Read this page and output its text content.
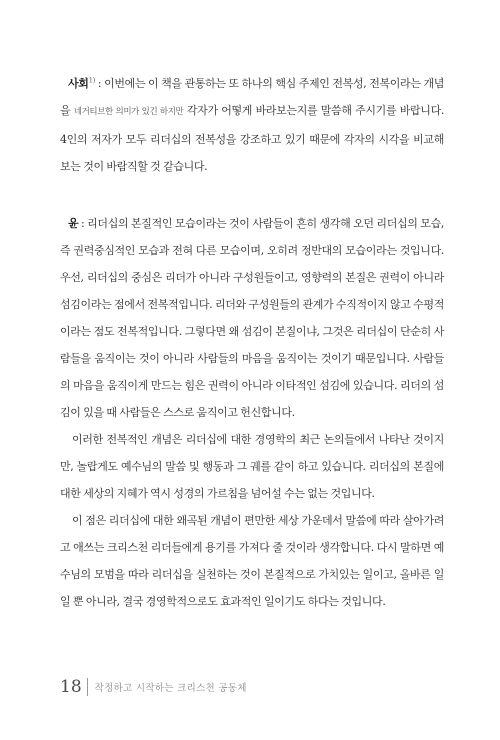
사회$^{1)}$ : 이번에는 이 책을 관통하는 또 하나의 핵심 주제인 전복성, 전복이라는 개념을 네거티브한 의미가 있긴 하지만 각자가 어떻게 바라보는지를 말씀해 주시기를 바랍니다. 4인의 저자가 모두 리더십의 전복성을 강조하고 있기 때문에 각자의 시각을 비교해 보는 것이 바람직할 것 같습니다.

윤 : 리더십의 본질적인 모습이라는 것이 사람들이 흔히 생각해 오던 리더십의 모습, 즉 권력중심적인 모습과 전혀 다른 모습이며, 오히려 정반대의 모습이라는 것입니다. 우선, 리더십의 중심은 리더가 아니라 구성원들이고, 영향력의 본질은 권력이 아니라 섬김이라는 점에서 전복적입니다. 리더와 구성원들의 관계가 수직적이지 않고 수평적이라는 점도 전복적입니다. 그렇다면 왜 섬김이 본질이냐, 그것은 리더십이 단순히 사람들을 움직이는 것이 아니라 사람들의 마음을 움직이는 것이기 때문입니다. 사람들의 마음을 움직이게 만드는 힘은 권력이 아니라 이타적인 섬김에 있습니다. 리더의 섬김이 있을 때 사람들은 스스로 움직이고 헌신합니다.

이러한 전복적인 개념은 리더십에 대한 경영학의 최근 논의들에서 나타난 것이지만, 놀랍게도 예수님의 말씀 및 행동과 그 궤를 같이 하고 있습니다. 리더십의 본질에 대한 세상의 지혜가 역시 성경의 가르침을 넘어설 수는 없는 것입니다.

이 점은 리더십에 대한 왜곡된 개념이 편만한 세상 가운데서 말씀에 따라 살아가려고 애쓰는 크리스천 리더들에게 용기를 가져다 줄 것이라 생각합니다. 다시 말하면 예수님의 모범을 따라 리더십을 실천하는 것이 본질적으로 가치있는 일이고, 올바른 일일 뿐 아니라, 결국 경영학적으로도 효과적인 일이기도 하다는 것입니다.

18 작정하고 시작하는 크리스천 공동체
